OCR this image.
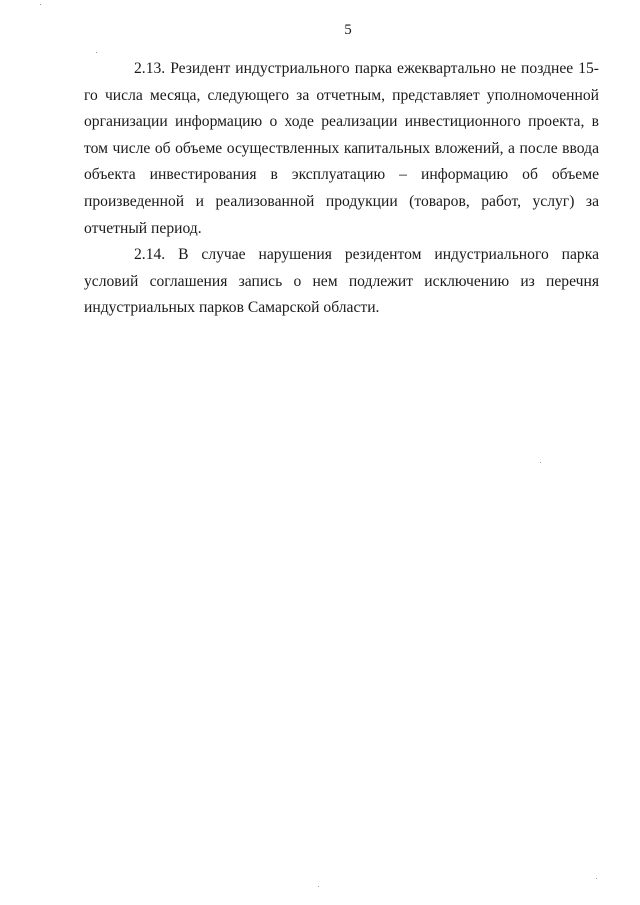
5

2.13. Резидент индустриального парка ежеквартально не позднее 15-го числа месяца, следующего за отчетным, представляет уполномоченной организации информацию о ходе реализации инвестиционного проекта, в том числе об объеме осуществленных капитальных вложений, а после ввода объекта инвестирования в эксплуатацию – информацию об объеме произведенной и реализованной продукции (товаров, работ, услуг) за отчетный период.

2.14. В случае нарушения резидентом индустриального парка условий соглашения запись о нем подлежит исключению из перечня индустриальных парков Самарской области.
